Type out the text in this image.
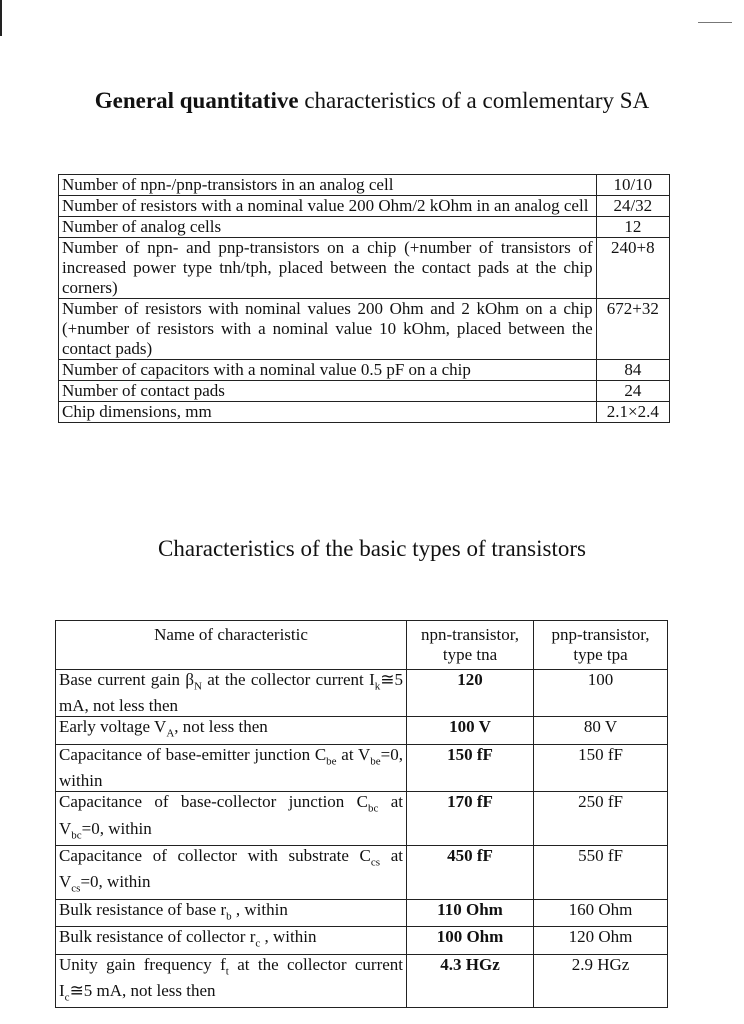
General quantitative characteristics of a comlementary SA
Number of npn-/pnp-transistors in an analog cell	10/10
Number of resistors with a nominal value 200 Ohm/2 kOhm in an analog cell	24/32
Number of analog cells	12
Number of npn- and pnp-transistors on a chip (+number of transistors of increased power type tnh/tph, placed between the contact pads at the chip corners)	240+8
Number of resistors with nominal values 200 Ohm and 2 kOhm on a chip (+number of resistors with a nominal value 10 kOhm, placed between the contact pads)	672+32
Number of capacitors with a nominal value 0.5 pF on a chip	84
Number of contact pads	24
Chip dimensions, mm	2.1×2.4
Characteristics of the basic types of transistors
Name of characteristic	npn-transistor, type tna	pnp-transistor, type tpa
Base current gain $\beta_N$ at the collector current $I_k≅5$ mA, not less then	120	100
Early voltage $V_A$, not less then	100 V	80 V
Capacitance of base-emitter junction $C_{be}$ at $V_{be}=0$, within	150 fF	150 fF
Capacitance of base-collector junction $C_{bc}$ at $V_{bc}=0$, within	170 fF	250 fF
Capacitance of collector with substrate $C_{cs}$ at $V_{cs}=0$, within	450 fF	550 fF
Bulk resistance of base $r_b$ , within	110 Ohm	160 Ohm
Bulk resistance of collector $r_c$ , within	100 Ohm	120 Ohm
Unity gain frequency $f_t$ at the collector current $I_c≅5$ mA, not less then	4.3 HGz	2.9 HGz
